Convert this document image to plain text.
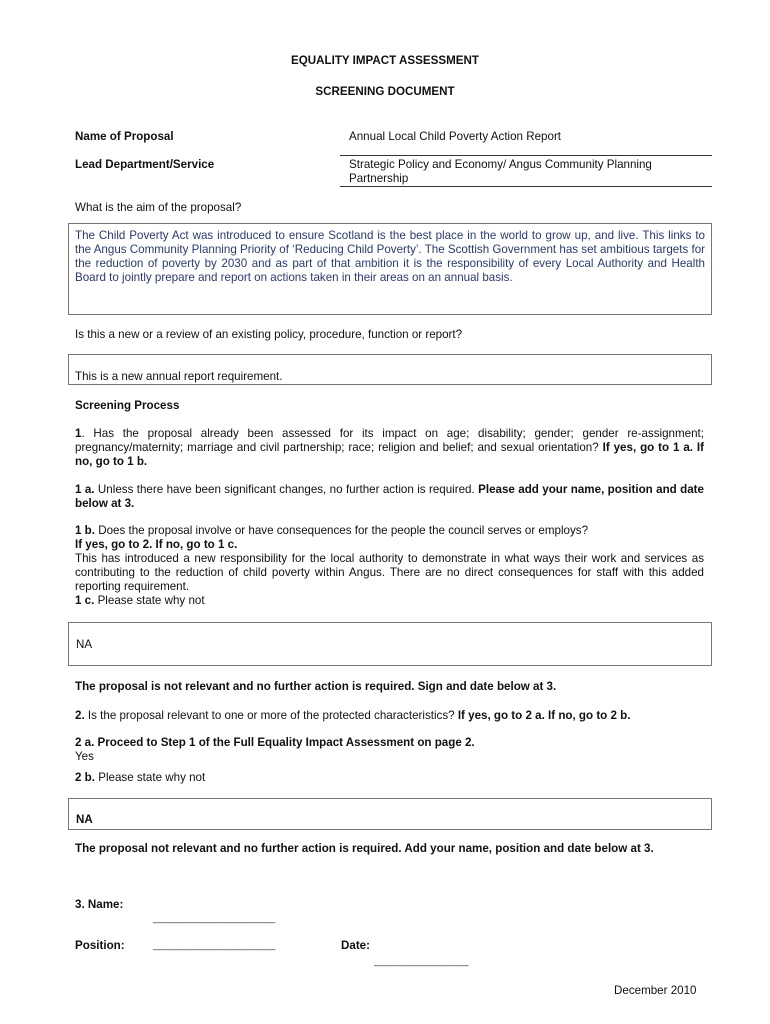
EQUALITY IMPACT ASSESSMENT
SCREENING DOCUMENT
Name of Proposal	Annual Local Child Poverty Action Report
Lead Department/Service	Strategic Policy and Economy/ Angus Community Planning
Partnership
What is the aim of the proposal?
The Child Poverty Act was introduced to ensure Scotland is the best place in the world to grow up, and live. This links to the Angus Community Planning Priority of ‘Reducing Child Poverty’. The Scottish Government has set ambitious targets for the reduction of poverty by 2030 and as part of that ambition it is the responsibility of every Local Authority and Health Board to jointly prepare and report on actions taken in their areas on an annual basis.
Is this a new or a review of an existing policy, procedure, function or report?
This is a new annual report requirement.
Screening Process
1. Has the proposal already been assessed for its impact on age; disability; gender; gender re-assignment; pregnancy/maternity; marriage and civil partnership; race; religion and belief; and sexual orientation? If yes, go to 1 a. If no, go to 1 b.
1 a. Unless there have been significant changes, no further action is required. Please add your name, position and date below at 3.
1 b. Does the proposal involve or have consequences for the people the council serves or employs?
If yes, go to 2. If no, go to 1 c.
This has introduced a new responsibility for the local authority to demonstrate in what ways their work and services as contributing to the reduction of child poverty within Angus. There are no direct consequences for staff with this added reporting requirement.
1 c. Please state why not
NA
The proposal is not relevant and no further action is required. Sign and date below at 3.
2. Is the proposal relevant to one or more of the protected characteristics? If yes, go to 2 a. If no, go to 2 b.
2 a. Proceed to Step 1 of the Full Equality Impact Assessment on page 2.
Yes
2 b. Please state why not
NA
The proposal not relevant and no further action is required. Add your name, position and date below at 3.
3. Name:
______________________
Position:	______________________	Date:
_________________
December 2010
